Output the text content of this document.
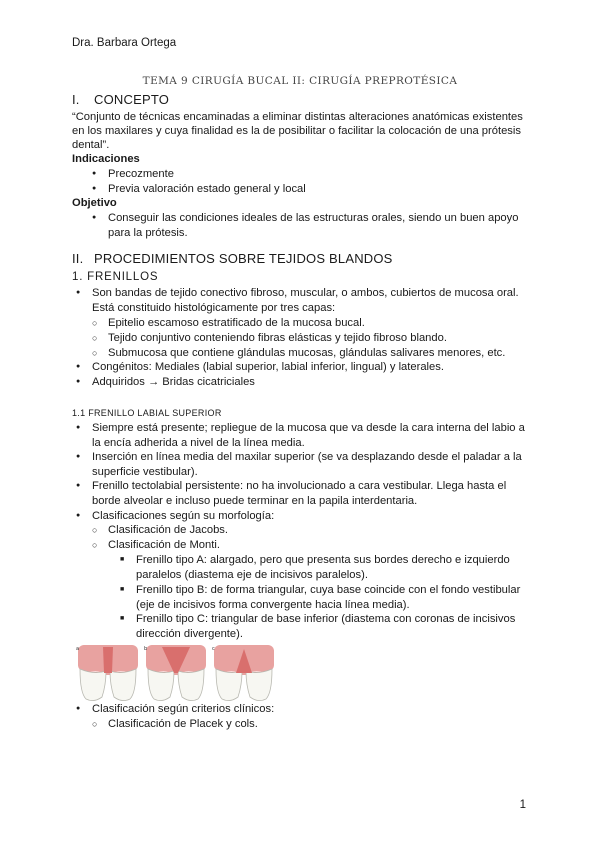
Dra. Barbara Ortega
TEMA 9 CIRUGÍA BUCAL II: CIRUGÍA PREPROTÉSICA
I. CONCEPTO
“Conjunto de técnicas encaminadas a eliminar distintas alteraciones anatómicas existentes
en los maxilares y cuya finalidad es la de posibilitar o facilitar la colocación de una prótesis
dental”.
Indicaciones
● Precozmente
● Previa valoración estado general y local
Objetivo
● Conseguir las condiciones ideales de las estructuras orales, siendo un buen apoyo
para la prótesis.
II. PROCEDIMIENTOS SOBRE TEJIDOS BLANDOS
1. FRENILLOS
● Son bandas de tejido conectivo fibroso, muscular, o ambos, cubiertos de mucosa oral.
Está constituido histológicamente por tres capas:
○ Epitelio escamoso estratificado de la mucosa bucal.
○ Tejido conjuntivo conteniendo fibras elásticas y tejido fibroso blando.
○ Submucosa que contiene glándulas mucosas, glándulas salivares menores, etc.
● Congénitos: Mediales (labial superior, labial inferior, lingual) y laterales.
● Adquiridos → Bridas cicatriciales
1.1 FRENILLO LABIAL SUPERIOR
● Siempre está presente; repliegue de la mucosa que va desde la cara interna del labio a
la encía adherida a nivel de la línea media.
● Inserción en línea media del maxilar superior (se va desplazando desde el paladar a la
superficie vestibular).
● Frenillo tectolabial persistente: no ha involucionado a cara vestibular. Llega hasta el
borde alveolar e incluso puede terminar en la papila interdentaria.
● Clasificaciones según su morfología:
○ Clasificación de Jacobs.
○ Clasificación de Monti.
■ Frenillo tipo A: alargado, pero que presenta sus bordes derecho e izquierdo
paralelos (diastema eje de incisivos paralelos).
■ Frenillo tipo B: de forma triangular, cuya base coincide con el fondo vestibular
(eje de incisivos forma convergente hacia línea media).
■ Frenillo tipo C: triangular de base inferior (diastema con coronas de incisivos
dirección divergente).
a	b	c
● Clasificación según criterios clínicos:
○ Clasificación de Placek y cols.
1
